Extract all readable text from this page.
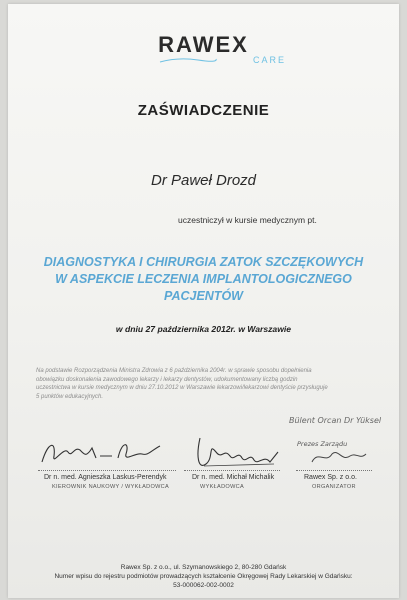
RAWEX
CARE
ZAŚWIADCZENIE
Dr Paweł Drozd
uczestniczył w kursie medycznym pt.
DIAGNOSTYKA I CHIRURGIA ZATOK SZCZĘKOWYCH
W ASPEKCIE LECZENIA IMPLANTOLOGICZNEGO
PACJENTÓW
w dniu 27 października 2012r. w Warszawie
Na podstawie Rozporządzenia Ministra Zdrowia z 6 października 2004r. w sprawie sposobu dopełnienia
obowiązku doskonalenia zawodowego lekarzy i lekarzy dentystów, udokumentowany liczbą godzin
uczestnictwa w kursie medycznym w dniu 27.10.2012 w Warszawie lekarzowi/lekarzowi dentyście przysługuje
5 punktów edukacyjnych.
Dr n. med. Agnieszka Laskus-Perendyk
KIEROWNIK NAUKOWY / WYKŁADOWCA
Dr n. med. Michał Michalik
WYKŁADOWCA
Bülent Orcan Dr Yüksel
Prezes Zarządu
Rawex Sp. z o.o.
ORGANIZATOR
Rawex Sp. z o.o., ul. Szymanowskiego 2, 80-280 Gdańsk
Numer wpisu do rejestru podmiotów prowadzących kształcenie Okręgowej Rady Lekarskiej w Gdańsku:
53-000062-002-0002
